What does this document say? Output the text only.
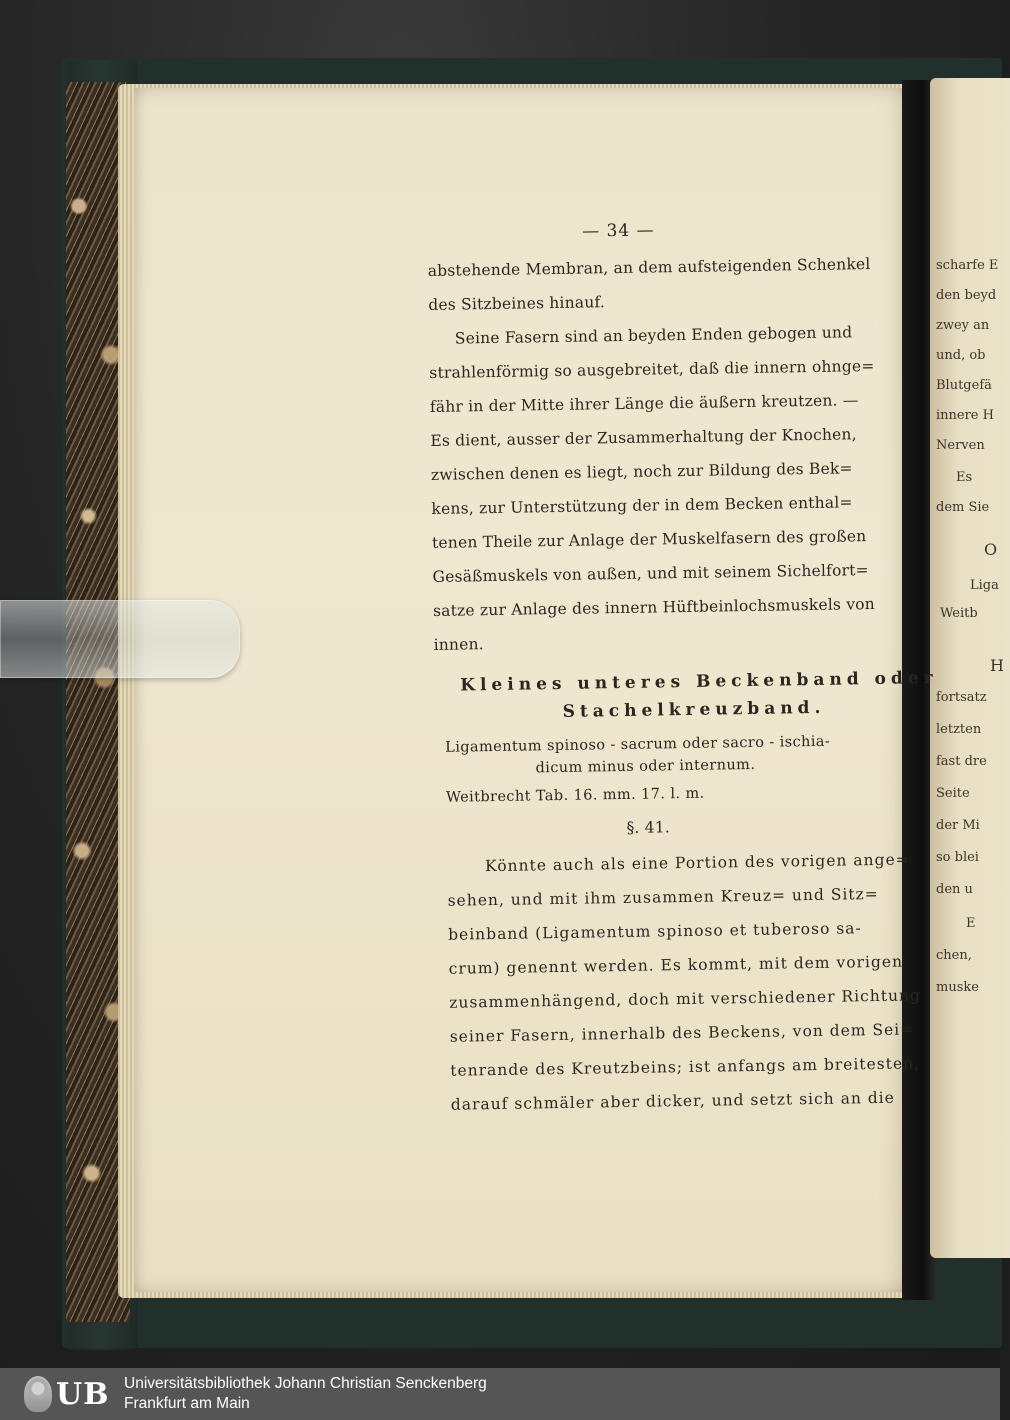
scharfe E
den beyd
zwey an
und, ob
Blutgefä
innere H
Nerven
Es
dem Sie
O
Liga
Weitb
H
fortsatz
letzten
fast dre
Seite
der Mi
so blei
den u
E
chen,
muske
— 34 —
abstehende Membran, an dem aufsteigenden Schenkel
des Sitzbeines hinauf.
Seine Fasern sind an beyden Enden gebogen und
strahlenförmig so ausgebreitet, daß die innern ohnge=
fähr in der Mitte ihrer Länge die äußern kreutzen. —
Es dient, ausser der Zusammerhaltung der Knochen,
zwischen denen es liegt, noch zur Bildung des Bek=
kens, zur Unterstützung der in dem Becken enthal=
tenen Theile zur Anlage der Muskelfasern des großen
Gesäßmuskels von außen, und mit seinem Sichelfort=
satze zur Anlage des innern Hüftbeinlochsmuskels von
innen.
Kleines unteres Beckenband oder
Stachelkreuzband.
Ligamentum spinoso - sacrum oder sacro - ischia-
dicum minus oder internum.
Weitbrecht Tab. 16. mm. 17. l. m.
§. 41.
Könnte auch als eine Portion des vorigen ange=
sehen, und mit ihm zusammen Kreuz= und Sitz=
beinband (Ligamentum spinoso et tuberoso sa-
crum) genennt werden. Es kommt, mit dem vorigen
zusammenhängend, doch mit verschiedener Richtung
seiner Fasern, innerhalb des Beckens, von dem Sei=
tenrande des Kreutzbeins; ist anfangs am breitesten,
darauf schmäler aber dicker, und setzt sich an die
UB Universitätsbibliothek Johann Christian Senckenberg
Frankfurt am Main
